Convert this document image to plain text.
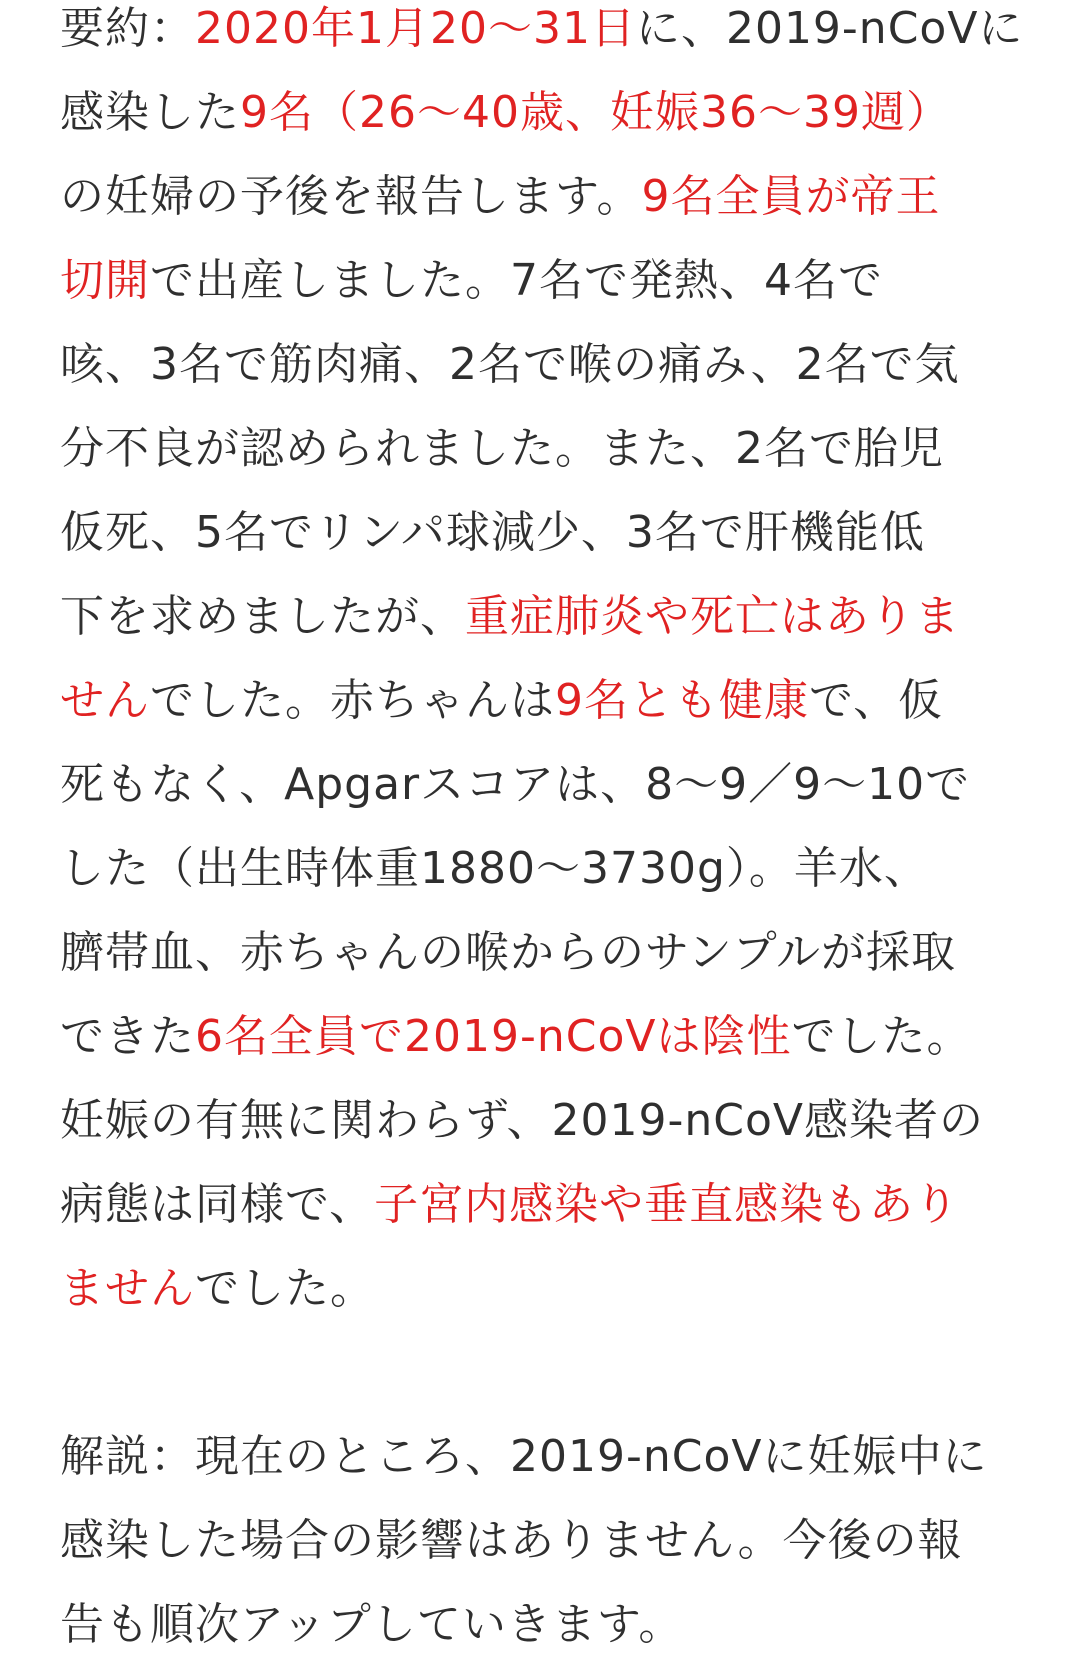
要約：2020年1月20〜31日に、2019-nCoVに
感染した9名（26〜40歳、妊娠36〜39週）
の妊婦の予後を報告します。9名全員が帝王
切開で出産しました。7名で発熱、4名で
咳、3名で筋肉痛、2名で喉の痛み、2名で気
分不良が認められました。また、2名で胎児
仮死、5名でリンパ球減少、3名で肝機能低
下を求めましたが、重症肺炎や死亡はありま
せんでした。赤ちゃんは9名とも健康で、仮
死もなく、Apgarスコアは、8〜9／9〜10で
した（出生時体重1880〜3730g）。羊水、
臍帯血、赤ちゃんの喉からのサンプルが採取
できた6名全員で2019-nCoVは陰性でした。
妊娠の有無に関わらず、2019-nCoV感染者の
病態は同様で、子宮内感染や垂直感染もあり
ませんでした。

解説：現在のところ、2019-nCoVに妊娠中に
感染した場合の影響はありません。今後の報
告も順次アップしていきます。
